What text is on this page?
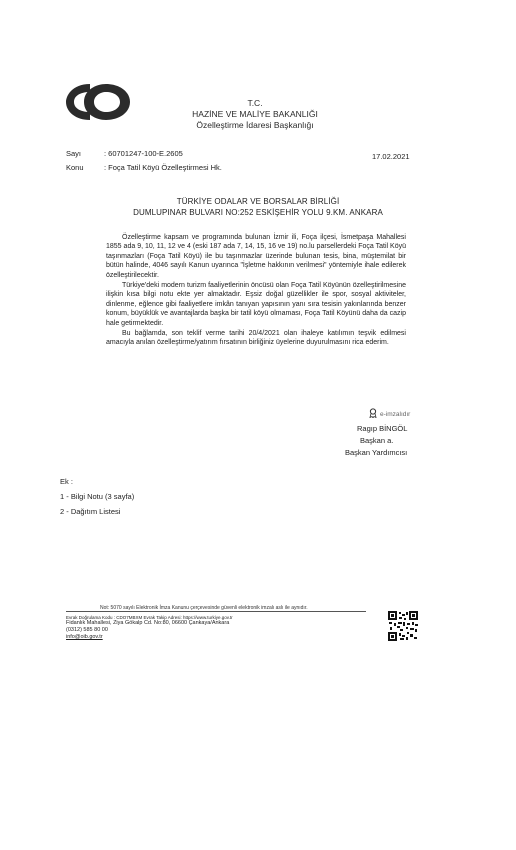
T.C.
HAZİNE VE MALİYE BAKANLIĞI
Özelleştirme İdaresi Başkanlığı
Sayı	: 60701247-100-E.2605
Konu	: Foça Tatil Köyü Özelleştirmesi Hk.
17.02.2021
TÜRKİYE ODALAR VE BORSALAR BİRLİĞİ
DUMLUPINAR BULVARI NO:252 ESKİŞEHİR YOLU 9.KM. ANKARA

Özelleştirme kapsam ve programında bulunan İzmir ili, Foça ilçesi, İsmetpaşa Mahallesi 1855 ada 9, 10, 11, 12 ve 4 (eski 187 ada 7, 14, 15, 16 ve 19) no.lu parsellerdeki Foça Tatil Köyü taşınmazları (Foça Tatil Köyü) ile bu taşınmazlar üzerinde bulunan tesis, bina, müştemilat bir bütün halinde, 4046 sayılı Kanun uyarınca "İşletme hakkının verilmesi" yöntemiyle ihale edilerek özelleştirilecektir.

Türkiye'deki modern turizm faaliyetlerinin öncüsü olan Foça Tatil Köyünün özelleştirilmesine ilişkin kısa bilgi notu ekte yer almaktadır. Eşsiz doğal güzellikler ile spor, sosyal aktiviteler, dinlenme, eğlence gibi faaliyetlere imkân tanıyan yapısının yanı sıra tesisin yakınlarında benzer konum, büyüklük ve avantajlarda başka bir tatil köyü olmaması, Foça Tatil Köyünü daha da cazip hale getirmektedir.

Bu bağlamda, son teklif verme tarihi 20/4/2021 olan ihaleye katılımın teşvik edilmesi amacıyla anılan özelleştirme/yatırım fırsatının birliğiniz üyelerine duyurulmasını rica ederim.

e-imzalıdır
Ragıp BİNGÖL
Başkan a.
Başkan Yardımcısı
Ek :
1 - Bilgi Notu (3 sayfa)
2 - Dağıtım Listesi
Not: 5070 sayılı Elektronik İmza Kanunu çerçevesinde güvenli elektronik imzalı aslı ile aynıdır.
Evrak Doğrulama Kodu : CDO7MBXM Evrak Takip Adresi: https://www.turkiye.gov.tr
Fidanlık Mahallesi, Ziya Gökalp Cd. No:80, 06600 Çankaya/Ankara
(0312) 585 80 00
info@oib.gov.tr
